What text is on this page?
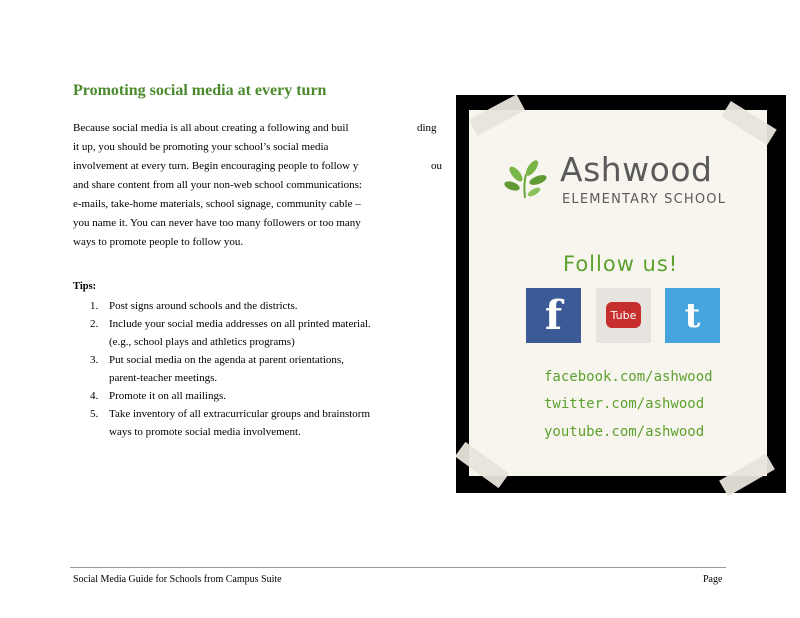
Promoting social media at every turn
Because social media is all about creating a following and buil	ding
it up, you should be promoting your school’s social media
involvement at every turn. Begin encouraging people to follow y	ou
and share content from all your non-web school communications:
e-mails, take-home materials, school signage, community cable –
you name it. You can never have too many followers or too many
ways to promote people to follow you.

Tips:

1. Post signs around schools and the districts.
2. Include your social media addresses on all printed material.
(e.g., school plays and athletics programs)
3. Put social media on the agenda at parent orientations,
parent-teacher meetings.
4. Promote it on all mailings.
5. Take inventory of all extracurricular groups and brainstorm
ways to promote social media involvement.

Ashwood

ELEMENTARY SCHOOL

Follow us!

f	Tube	t

facebook.com/ashwood

twitter.com/ashwood

youtube.com/ashwood

Social Media Guide for Schools from Campus Suite	Page
